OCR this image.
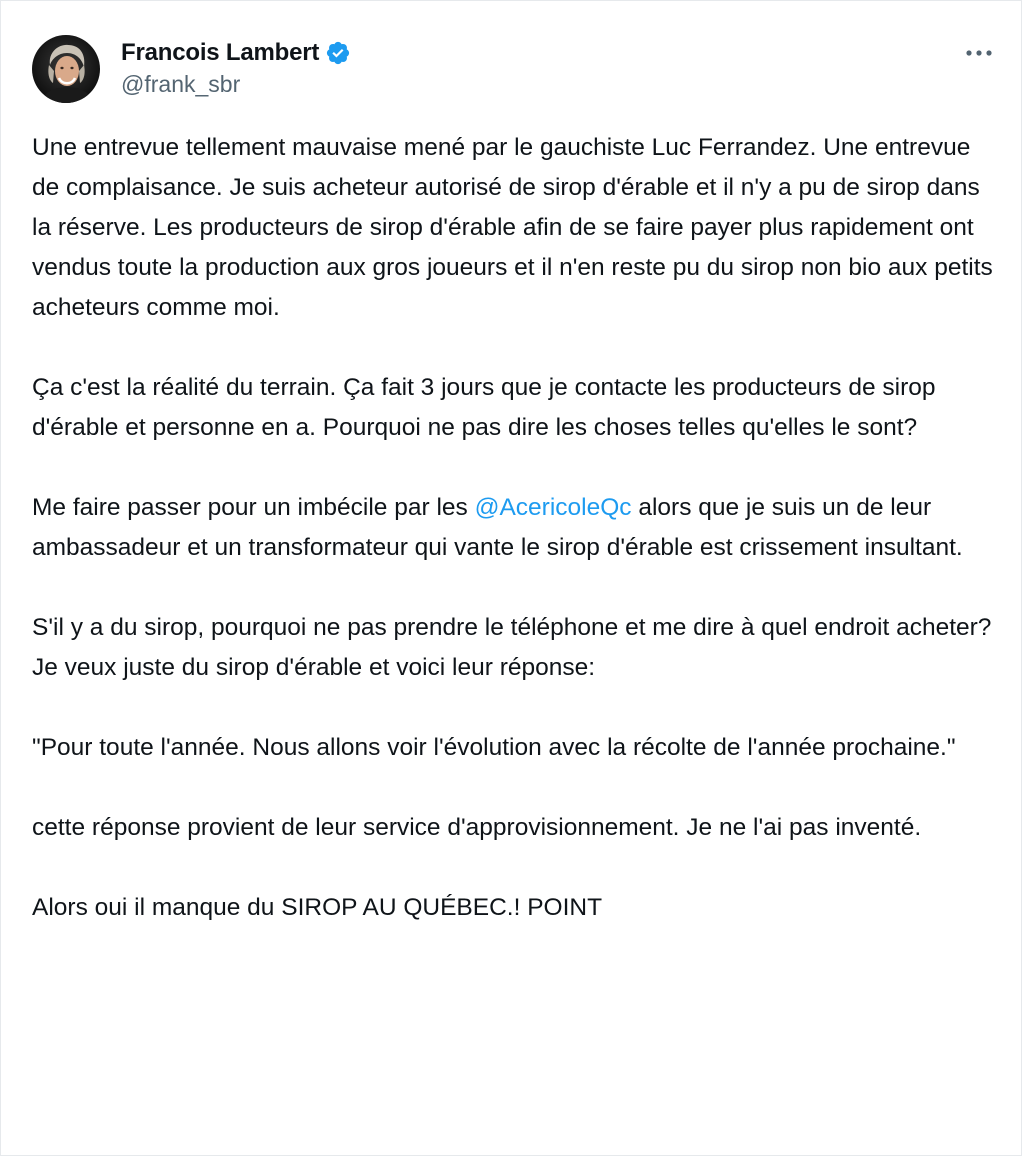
Francois Lambert
@frank_sbr

Une entrevue tellement mauvaise mené par le gauchiste Luc Ferrandez. Une entrevue de complaisance. Je suis acheteur autorisé de sirop d'érable et il n'y a pu de sirop dans la réserve. Les producteurs de sirop d'érable afin de se faire payer plus rapidement ont vendus toute la production aux gros joueurs et il n'en reste pu du sirop non bio aux petits acheteurs comme moi.

Ça c'est la réalité du terrain. Ça fait 3 jours que je contacte les producteurs de sirop d'érable et personne en a. Pourquoi ne pas dire les choses telles qu'elles le sont?

Me faire passer pour un imbécile par les @AcericoleQc alors que je suis un de leur ambassadeur et un transformateur qui vante le sirop d'érable est crissement insultant.

S'il y a du sirop, pourquoi ne pas prendre le téléphone et me dire à quel endroit acheter? Je veux juste du sirop d'érable et voici leur réponse:

"Pour toute l'année. Nous allons voir l'évolution avec la récolte de l'année prochaine."

cette réponse provient de leur service d'approvisionnement. Je ne l'ai pas inventé.

Alors oui il manque du SIROP AU QUÉBEC.! POINT
